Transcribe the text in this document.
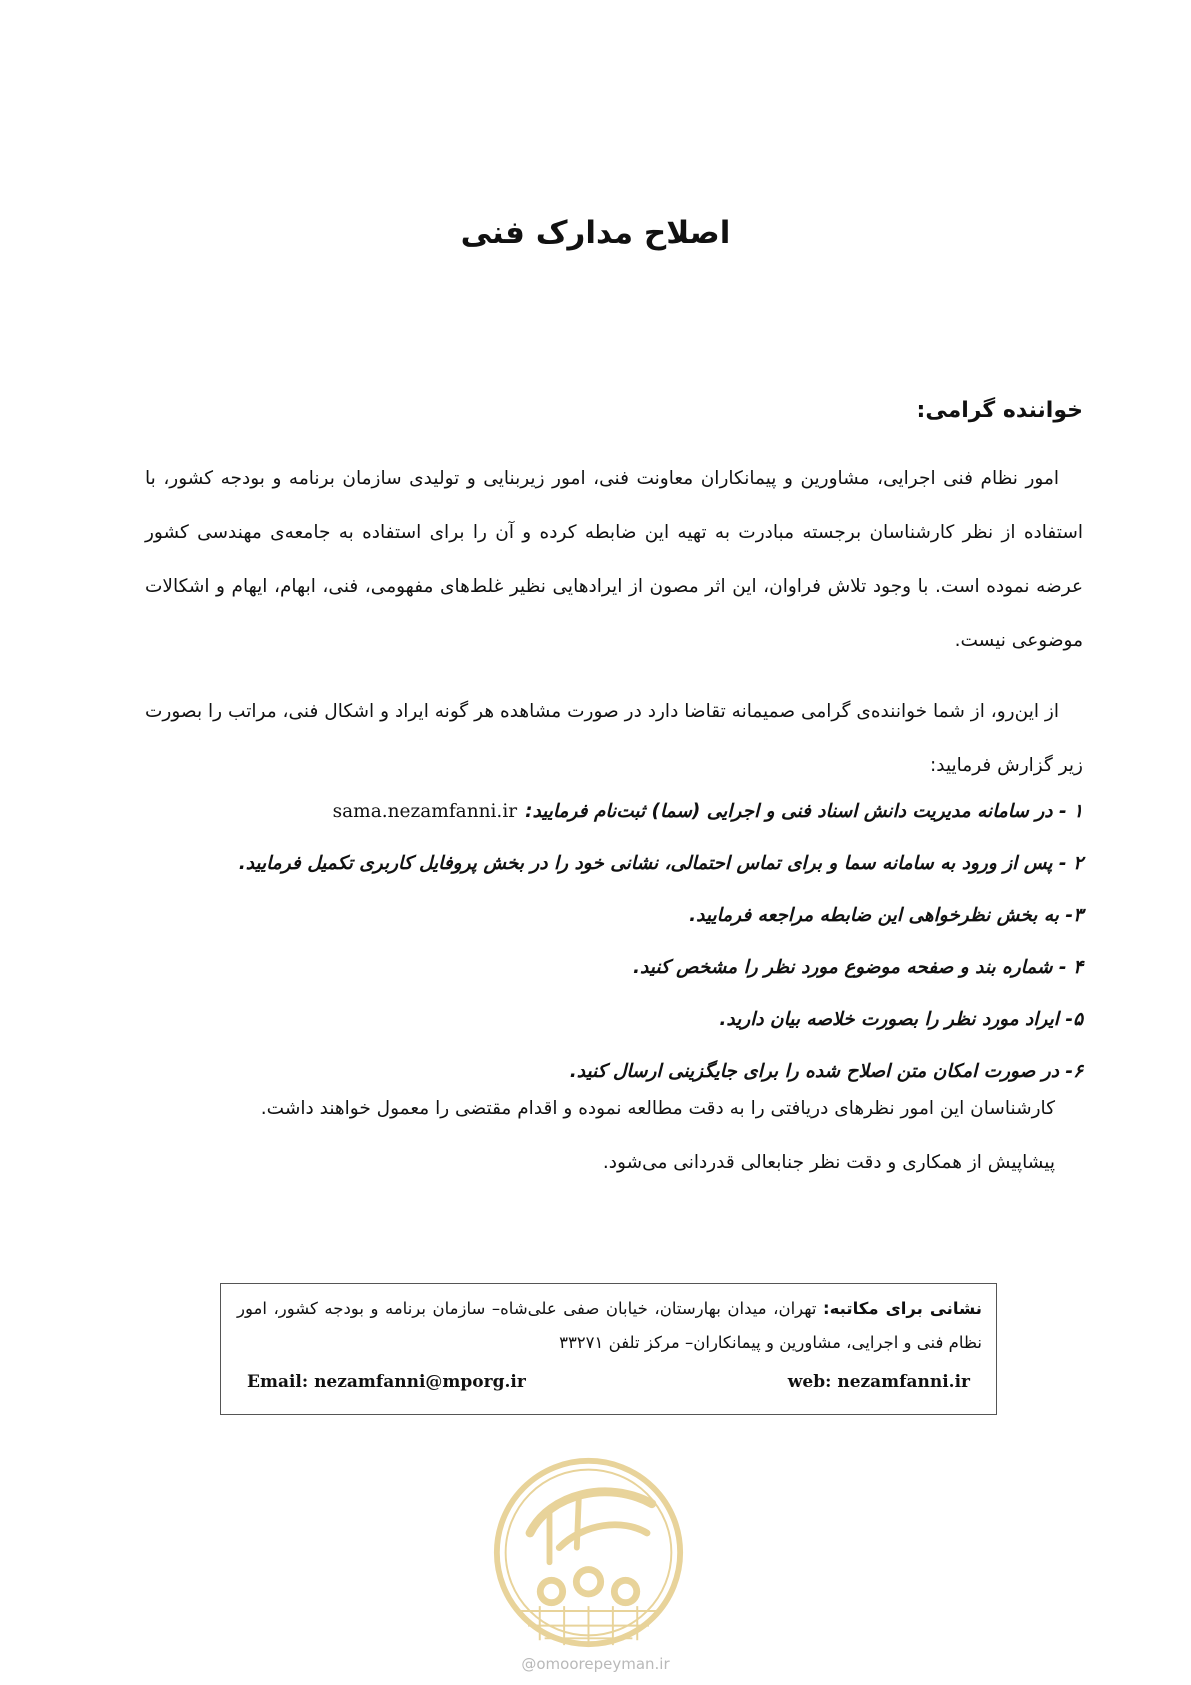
اصلاح مدارک فنی
خواننده گرامی:
امور نظام فنی اجرایی، مشاورین و پیمانکاران معاونت فنی، امور زیربنایی و تولیدی سازمان برنامه و بودجه کشور، با استفاده از نظر کارشناسان برجسته مبادرت به تهیه این ضابطه کرده و آن را برای استفاده به جامعه‌ی مهندسی کشور عرضه نموده است. با وجود تلاش فراوان، این اثر مصون از ایرادهایی نظیر غلط‌های مفهومی، فنی، ابهام، ایهام و اشکالات موضوعی نیست.
از این‌رو، از شما خواننده‌ی گرامی صمیمانه تقاضا دارد در صورت مشاهده هر گونه ایراد و اشکال فنی، مراتب را بصورت زیر گزارش فرمایید:
۱ - در سامانه مدیریت دانش اسناد فنی و اجرایی (سما) ثبت‌نام فرمایید:sama.nezamfanni.ir
۲ - پس از ورود به سامانه سما و برای تماس احتمالی، نشانی خود را در بخش پروفایل کاربری تکمیل فرمایید.
۳- به بخش نظرخواهی این ضابطه مراجعه فرمایید.
۴ - شماره بند و صفحه موضوع مورد نظر را مشخص کنید.
۵- ایراد مورد نظر را بصورت خلاصه بیان دارید.
۶- در صورت امکان متن اصلاح شده را برای جایگزینی ارسال کنید.
کارشناسان این امور نظرهای دریافتی را به دقت مطالعه نموده و اقدام مقتضی را معمول خواهند داشت.
پیشاپیش از همکاری و دقت نظر جنابعالی قدردانی می‌شود.
نشانی برای مکاتبه: تهران، میدان بهارستان، خیابان صفی علی‌شاه– سازمان برنامه و بودجه کشور، امور نظام فنی و اجرایی، مشاورین و پیمانکاران– مرکز تلفن ۳۳۲۷۱
Email: nezamfanni@mporg.ir	web: nezamfanni.ir
@omoorepeyman.ir
